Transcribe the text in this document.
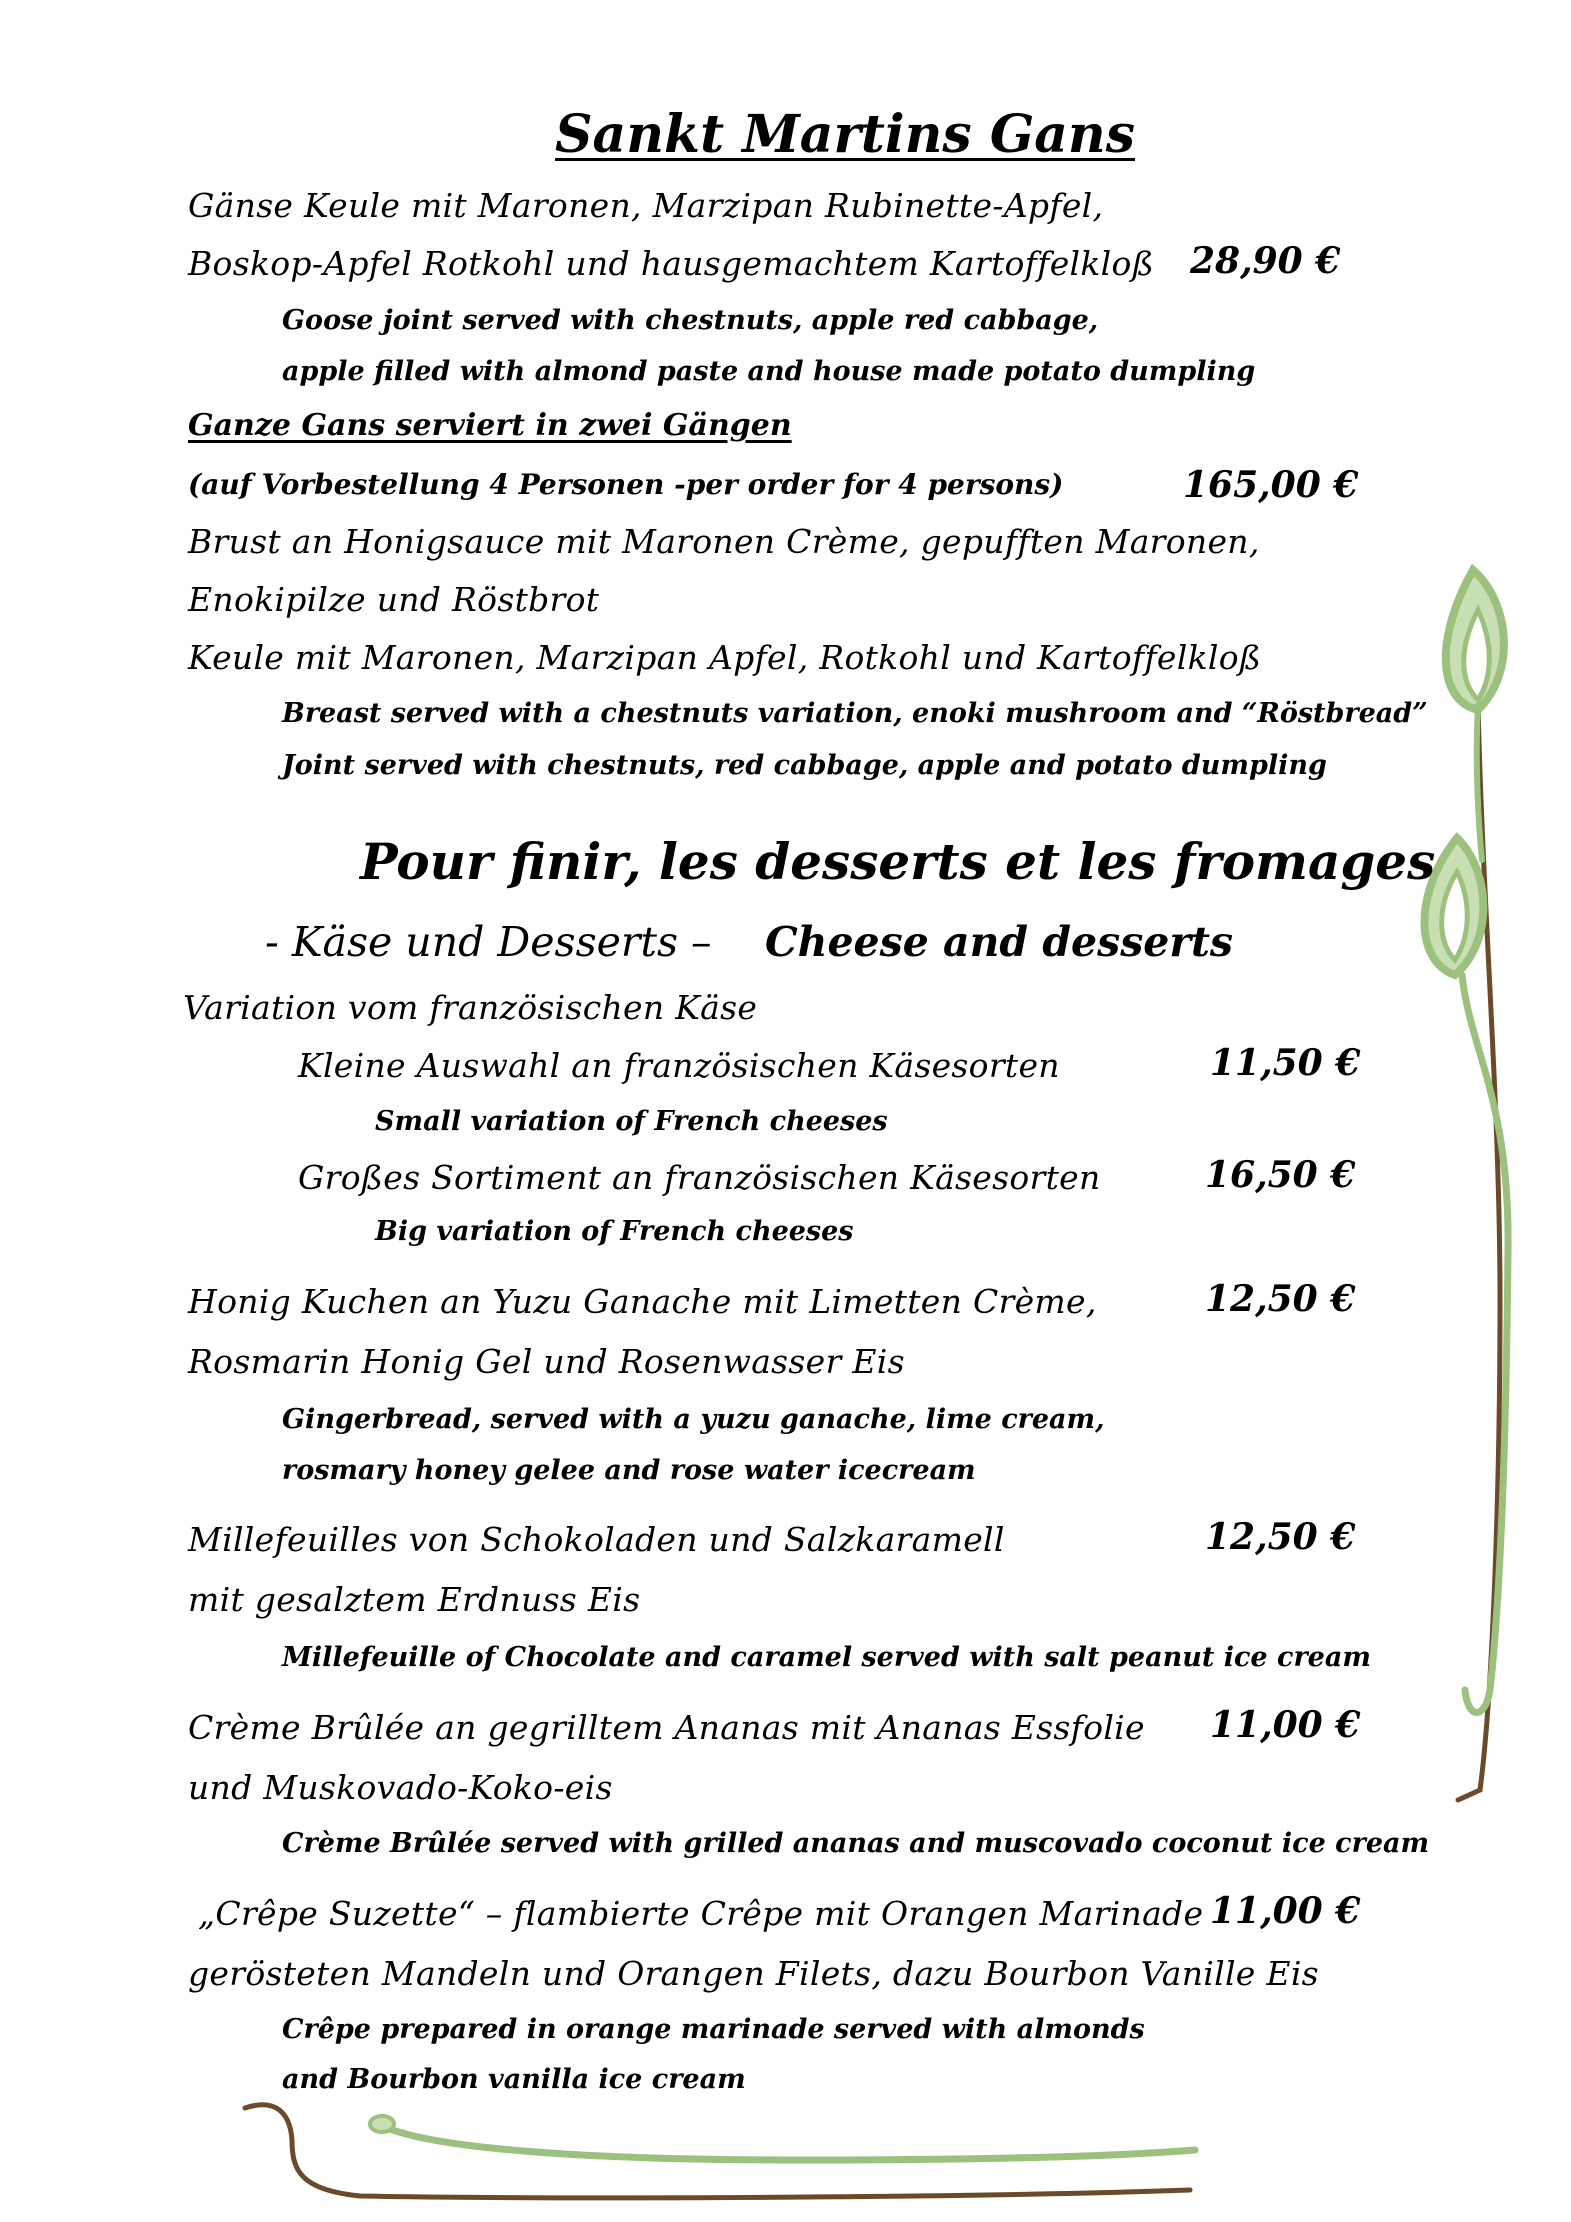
Sankt Martins Gans
Gänse Keule mit Maronen, Marzipan Rubinette-Apfel,
Boskop-Apfel Rotkohl und hausgemachtem Kartoffelkloß 28,90 €
Goose joint served with chestnuts, apple red cabbage,
apple filled with almond paste and house made potato dumpling
Ganze Gans serviert in zwei Gängen
(auf Vorbestellung 4 Personen -per order for 4 persons)	165,00 €
Brust an Honigsauce mit Maronen Crème, gepufften Maronen,
Enokipilze und Röstbrot
Keule mit Maronen, Marzipan Apfel, Rotkohl und Kartoffelkloß
Breast served with a chestnuts variation, enoki mushroom and “Röstbread”
Joint served with chestnuts, red cabbage, apple and potato dumpling
Pour finir, les desserts et les fromages
- Käse und Desserts – Cheese and desserts
Variation vom französischen Käse
Kleine Auswahl an französischen Käsesorten	11,50 €
Small variation of French cheeses
Großes Sortiment an französischen Käsesorten	16,50 €
Big variation of French cheeses
Honig Kuchen an Yuzu Ganache mit Limetten Crème,	12,50 €
Rosmarin Honig Gel und Rosenwasser Eis
Gingerbread, served with a yuzu ganache, lime cream,
rosmary honey gelee and rose water icecream
Millefeuilles von Schokoladen und Salzkaramell	12,50 €
mit gesalztem Erdnuss Eis
Millefeuille of Chocolate and caramel served with salt peanut ice cream
Crème Brûlée an gegrilltem Ananas mit Ananas Essfolie 11,00 €
und Muskovado-Koko-eis
Crème Brûlée served with grilled ananas and muscovado coconut ice cream
„Crêpe Suzette“ – flambierte Crêpe mit Orangen Marinade 11,00 €
gerösteten Mandeln und Orangen Filets, dazu Bourbon Vanille Eis
Crêpe prepared in orange marinade served with almonds
and Bourbon vanilla ice cream
